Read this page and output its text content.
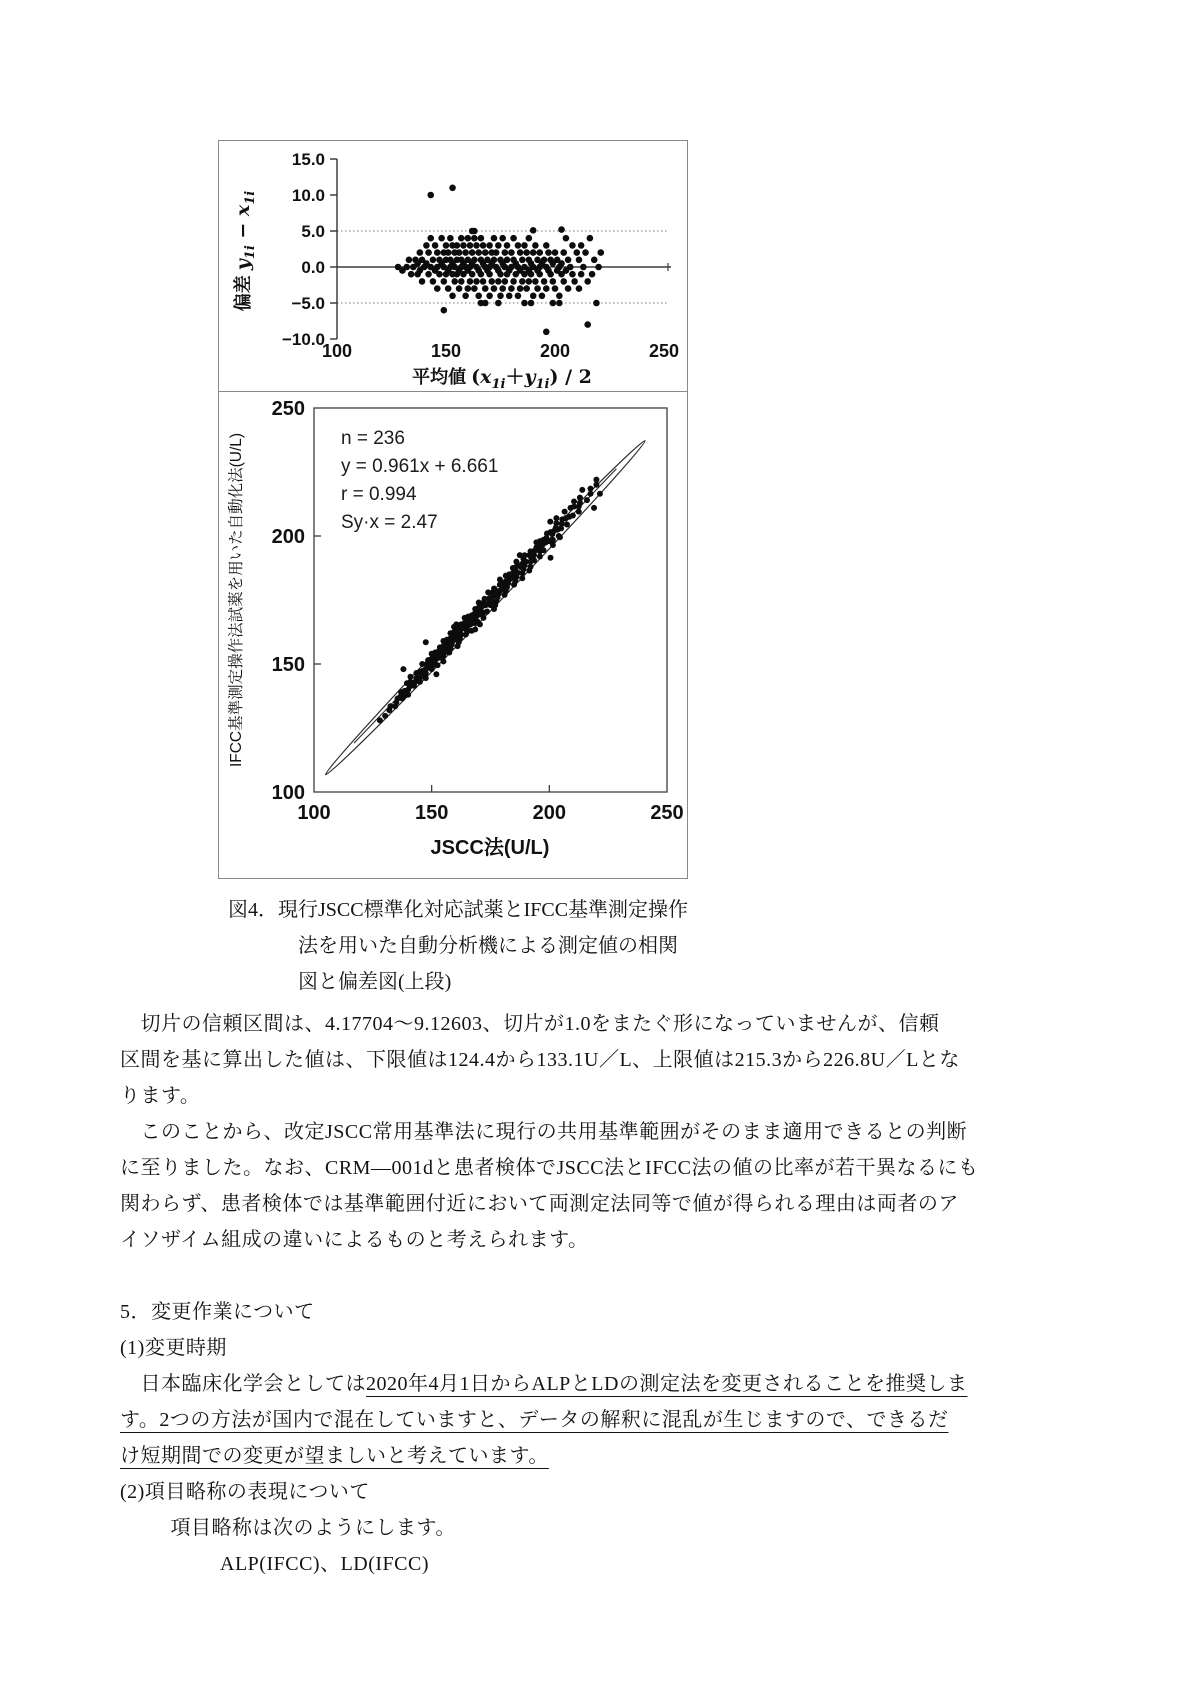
15.0
10.0
5.0
0.0
−5.0
−10.0
100	150	200	250
平均値 $(x_{1i}+y_{1i}) / 2$
偏差 $y_{1i} - x_{1i}$
250
200
150
100
100	150	200	250
n = 236
y = 0.961x + 6.661
r = 0.994
Sy·x = 2.47
JSCC法(U/L)
IFCC基準測定操作法試薬を用いた自動化法(U/L)
図4．現行JSCC標準化対応試薬とIFCC基準測定操作
法を用いた自動分析機による測定値の相関
図と偏差図(上段)
　切片の信頼区間は、4.17704～9.12603、切片が1.0をまたぐ形になっていませんが、信頼
区間を基に算出した値は、下限値は124.4から133.1U／L、上限値は215.3から226.8U／Lとな
ります。
　このことから、改定JSCC常用基準法に現行の共用基準範囲がそのまま適用できるとの判断
に至りました。なお、CRM―001dと患者検体でJSCC法とIFCC法の値の比率が若干異なるにも
関わらず、患者検体では基準範囲付近において両測定法同等で値が得られる理由は両者のア
イソザイム組成の違いによるものと考えられます。

5．変更作業について
(1)変更時期
　日本臨床化学会としては2020年4月1日からALPとLDの測定法を変更されることを推奨しま
す。2つの方法が国内で混在していますと、データの解釈に混乱が生じますので、できるだ
け短期間での変更が望ましいと考えています。
(2)項目略称の表現について
　項目略称は次のようにします。
ALP(IFCC)、LD(IFCC)
